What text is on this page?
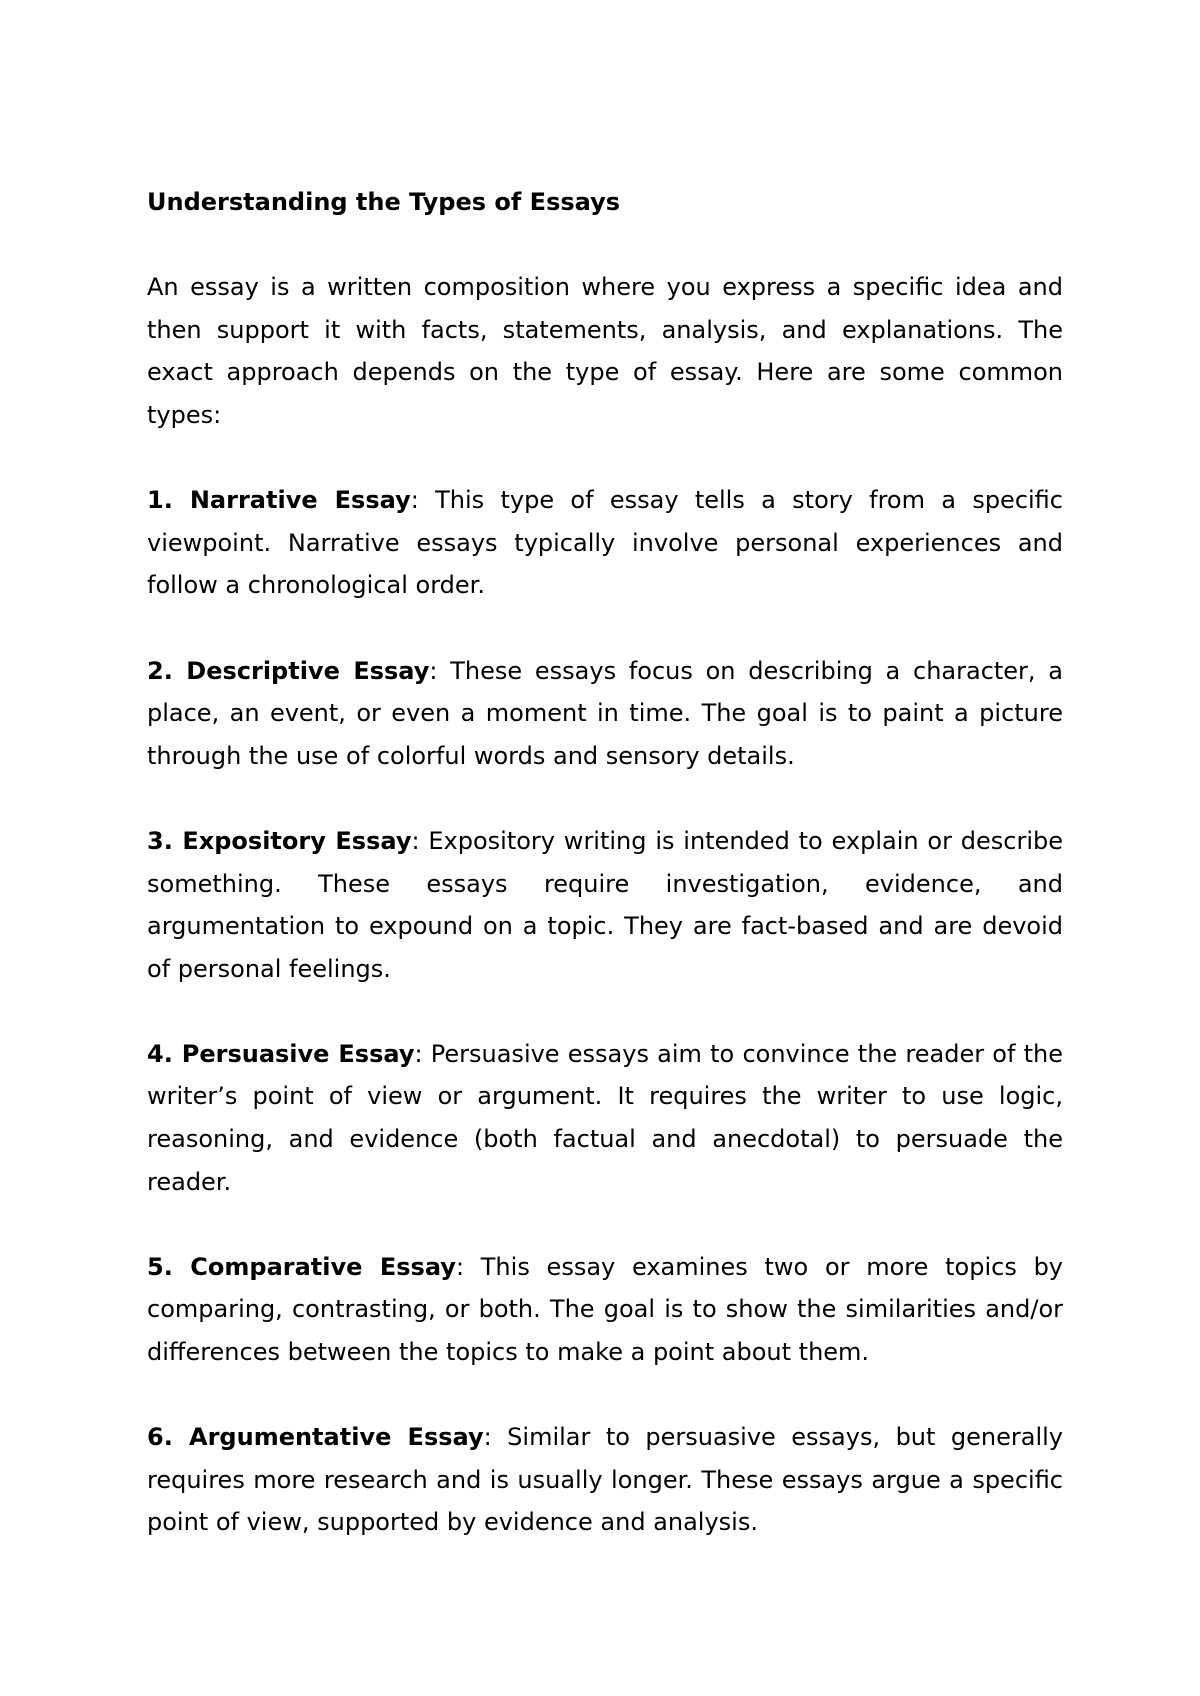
Understanding the Types of Essays

An essay is a written composition where you express a specific idea and then support it with facts, statements, analysis, and explanations. The exact approach depends on the type of essay. Here are some common types:

1. Narrative Essay: This type of essay tells a story from a specific viewpoint. Narrative essays typically involve personal experiences and follow a chronological order.

2. Descriptive Essay: These essays focus on describing a character, a place, an event, or even a moment in time. The goal is to paint a picture through the use of colorful words and sensory details.

3. Expository Essay: Expository writing is intended to explain or describe something. These essays require investigation, evidence, and argumentation to expound on a topic. They are fact-based and are devoid of personal feelings.

4. Persuasive Essay: Persuasive essays aim to convince the reader of the writer’s point of view or argument. It requires the writer to use logic, reasoning, and evidence (both factual and anecdotal) to persuade the reader.

5. Comparative Essay: This essay examines two or more topics by comparing, contrasting, or both. The goal is to show the similarities and/or differences between the topics to make a point about them.

6. Argumentative Essay: Similar to persuasive essays, but generally requires more research and is usually longer. These essays argue a specific point of view, supported by evidence and analysis.
